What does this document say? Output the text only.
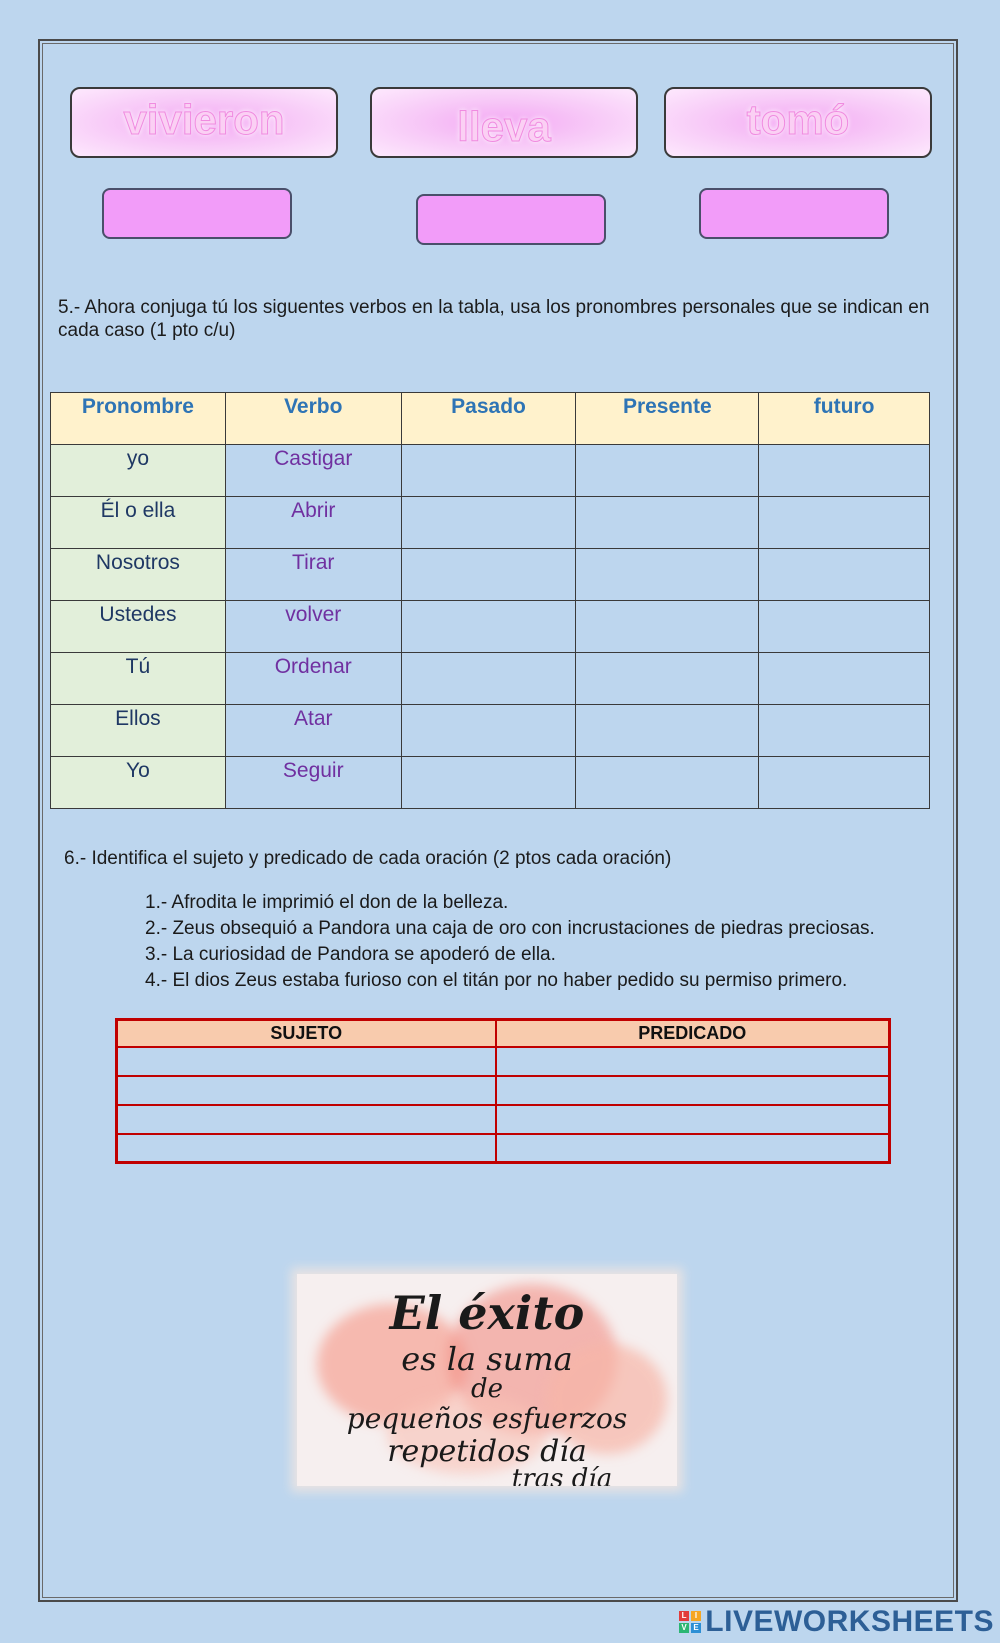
vivieron	lleva	tomó
5.- Ahora conjuga tú los siguentes verbos en la tabla, usa los pronombres personales que se indican en cada caso (1 pto c/u)
Pronombre	Verbo	Pasado	Presente	futuro
yo	Castigar			
Él o ella	Abrir			
Nosotros	Tirar			
Ustedes	volver			
Tú	Ordenar			
Ellos	Atar			
Yo	Seguir			
6.- Identifica el sujeto y predicado de cada oración (2 ptos cada oración)
1.- Afrodita le imprimió el don de la belleza.
2.- Zeus obsequió a Pandora una caja de oro con incrustaciones de piedras preciosas.
3.- La curiosidad de Pandora se apoderó de ella.
4.- El dios Zeus estaba furioso con el titán por no haber pedido su permiso primero.
SUJETO	PREDICADO

El éxito
es la suma
de
pequeños esfuerzos
repetidos día
tras día
L I
V E LIVEWORKSHEETS
